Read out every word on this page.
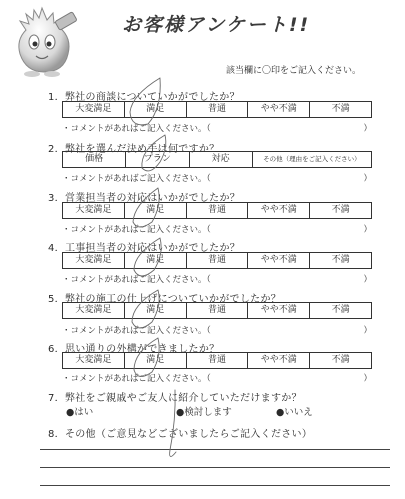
お客様アンケート!!
該当欄に〇印をご記入ください。
1．弊社の商談についていかがでしたか？
大変満足	満足	普通	やや不満	不満
・コメントがあればご記入ください。（	）
2．弊社を選んだ決め手は何ですか？
価格	プラン	対応	その他（理由をご記入ください）
・コメントがあればご記入ください。（	）
3．営業担当者の対応はいかがでしたか？
大変満足	満足	普通	やや不満	不満
・コメントがあればご記入ください。（	）
4．工事担当者の対応はいかがでしたか？
大変満足	満足	普通	やや不満	不満
・コメントがあればご記入ください。（	）
5．弊社の施工の仕上げについていかがでしたか？
大変満足	満足	普通	やや不満	不満
・コメントがあればご記入ください。（	）
6．思い通りの外構ができましたか？
大変満足	満足	普通	やや不満	不満
・コメントがあればご記入ください。（	）
7．弊社をご親戚やご友人に紹介していただけますか？
●はい	●検討します	●いいえ
8．その他（ご意見などございましたらご記入ください）
